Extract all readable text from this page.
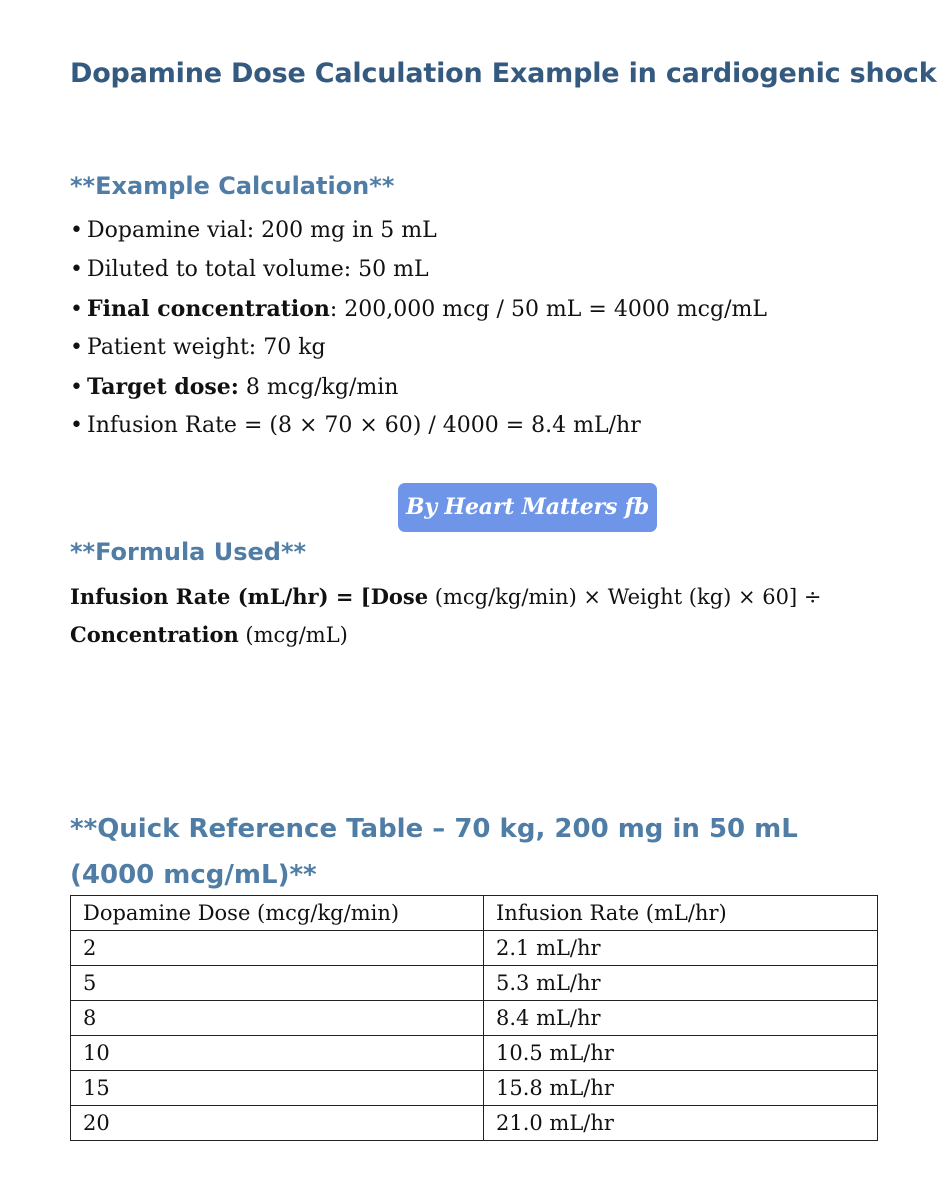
Dopamine Dose Calculation Example in cardiogenic shock
**Example Calculation**
• Dopamine vial: 200 mg in 5 mL
• Diluted to total volume: 50 mL
• Final concentration: 200,000 mcg / 50 mL = 4000 mcg/mL
• Patient weight: 70 kg
• Target dose: 8 mcg/kg/min
• Infusion Rate = (8 × 70 × 60) / 4000 = 8.4 mL/hr
By Heart Matters fb
**Formula Used**

Infusion Rate (mL/hr) = [Dose (mcg/kg/min) × Weight (kg) × 60] ÷
Concentration (mcg/mL)

**Quick Reference Table – 70 kg, 200 mg in 50 mL (4000 mcg/mL)**
Dopamine Dose (mcg/kg/min)	Infusion Rate (mL/hr)
2	2.1 mL/hr
5	5.3 mL/hr
8	8.4 mL/hr
10	10.5 mL/hr
15	15.8 mL/hr
20	21.0 mL/hr
